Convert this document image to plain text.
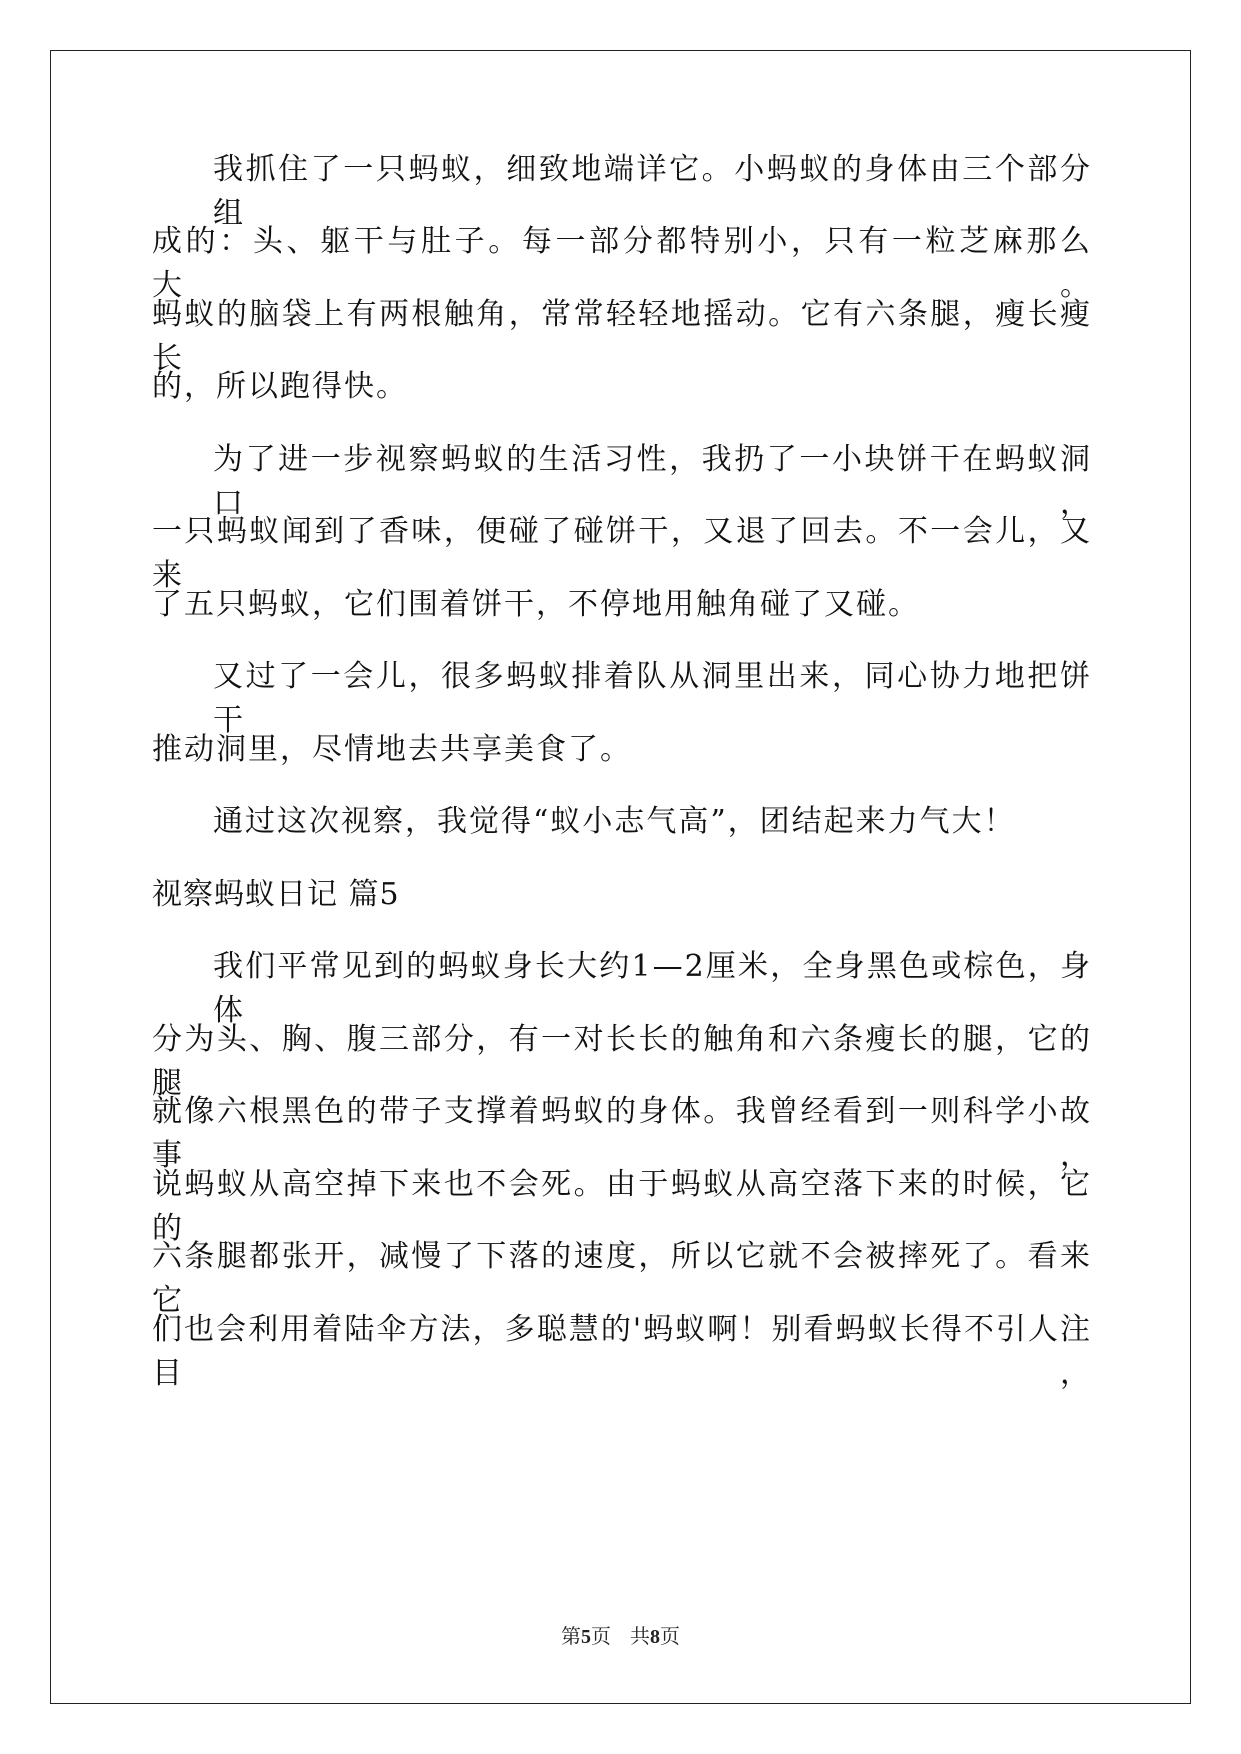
我抓住了一只蚂蚁，细致地端详它。小蚂蚁的身体由三个部分组
成的：头、躯干与肚子。每一部分都特别小，只有一粒芝麻那么大。
蚂蚁的脑袋上有两根触角，常常轻轻地摇动。它有六条腿，瘦长瘦长
的，所以跑得快。
为了进一步视察蚂蚁的生活习性，我扔了一小块饼干在蚂蚁洞口，
一只蚂蚁闻到了香味，便碰了碰饼干，又退了回去。不一会儿，又来
了五只蚂蚁，它们围着饼干，不停地用触角碰了又碰。
又过了一会儿，很多蚂蚁排着队从洞里出来，同心协力地把饼干
推动洞里，尽情地去共享美食了。
通过这次视察，我觉得“蚁小志气高”，团结起来力气大！
视察蚂蚁日记 篇5
我们平常见到的蚂蚁身长大约1—2厘米，全身黑色或棕色，身体
分为头、胸、腹三部分，有一对长长的触角和六条瘦长的腿，它的腿
就像六根黑色的带子支撑着蚂蚁的身体。我曾经看到一则科学小故事，
说蚂蚁从高空掉下来也不会死。由于蚂蚁从高空落下来的时候，它的
六条腿都张开，减慢了下落的速度，所以它就不会被摔死了。看来它
们也会利用着陆伞方法，多聪慧的'蚂蚁啊！别看蚂蚁长得不引人注目，
第5页   共8页
